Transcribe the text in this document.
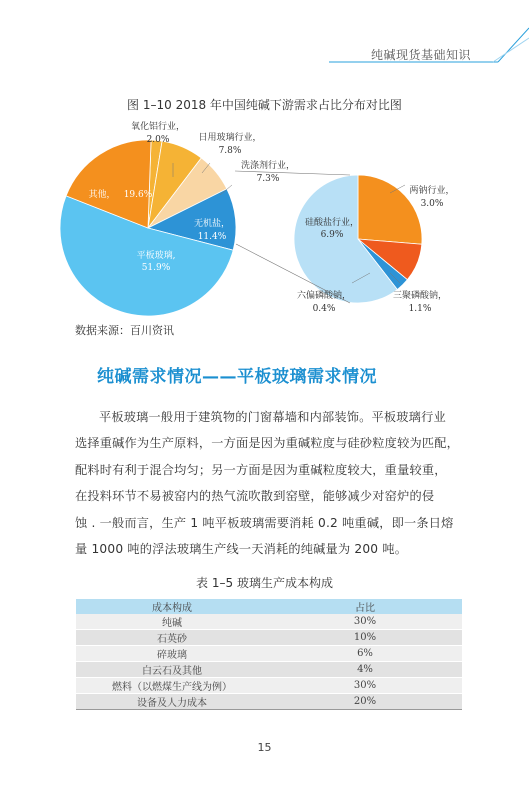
纯碱现货基础知识
图 1–10 2018 年中国纯碱下游需求占比分布对比图
氧化铝行业，
2.0%	日用玻璃行业，
7.8%
洗涤剂行业，
7.3%
其他， 19.6%
无机盐，
11.4%
平板玻璃,
51.9%
硅酸盐行业，
6.9%
两钠行业，
3.0%
三聚磷酸钠，
1.1%
六偏磷酸钠，
0.4%
数据来源：百川资讯
纯碱需求情况——平板玻璃需求情况
平板玻璃一般用于建筑物的门窗幕墙和内部装饰。平板玻璃行业
选择重碱作为生产原料，一方面是因为重碱粒度与硅砂粒度较为匹配，
配料时有利于混合均匀；另一方面是因为重碱粒度较大，重量较重，
在投料环节不易被窑内的热气流吹散到窑壁，能够减少对窑炉的侵
蚀 . 一般而言，生产 1 吨平板玻璃需要消耗 0.2 吨重碱，即一条日熔
量 1000 吨的浮法玻璃生产线一天消耗的纯碱量为 200 吨。
表 1–5 玻璃生产成本构成
成本构成	占比
纯碱	30%
石英砂	10%
碎玻璃	6%
白云石及其他	4%
燃料（以燃煤生产线为例）	30%
设备及人力成本	20%
15
